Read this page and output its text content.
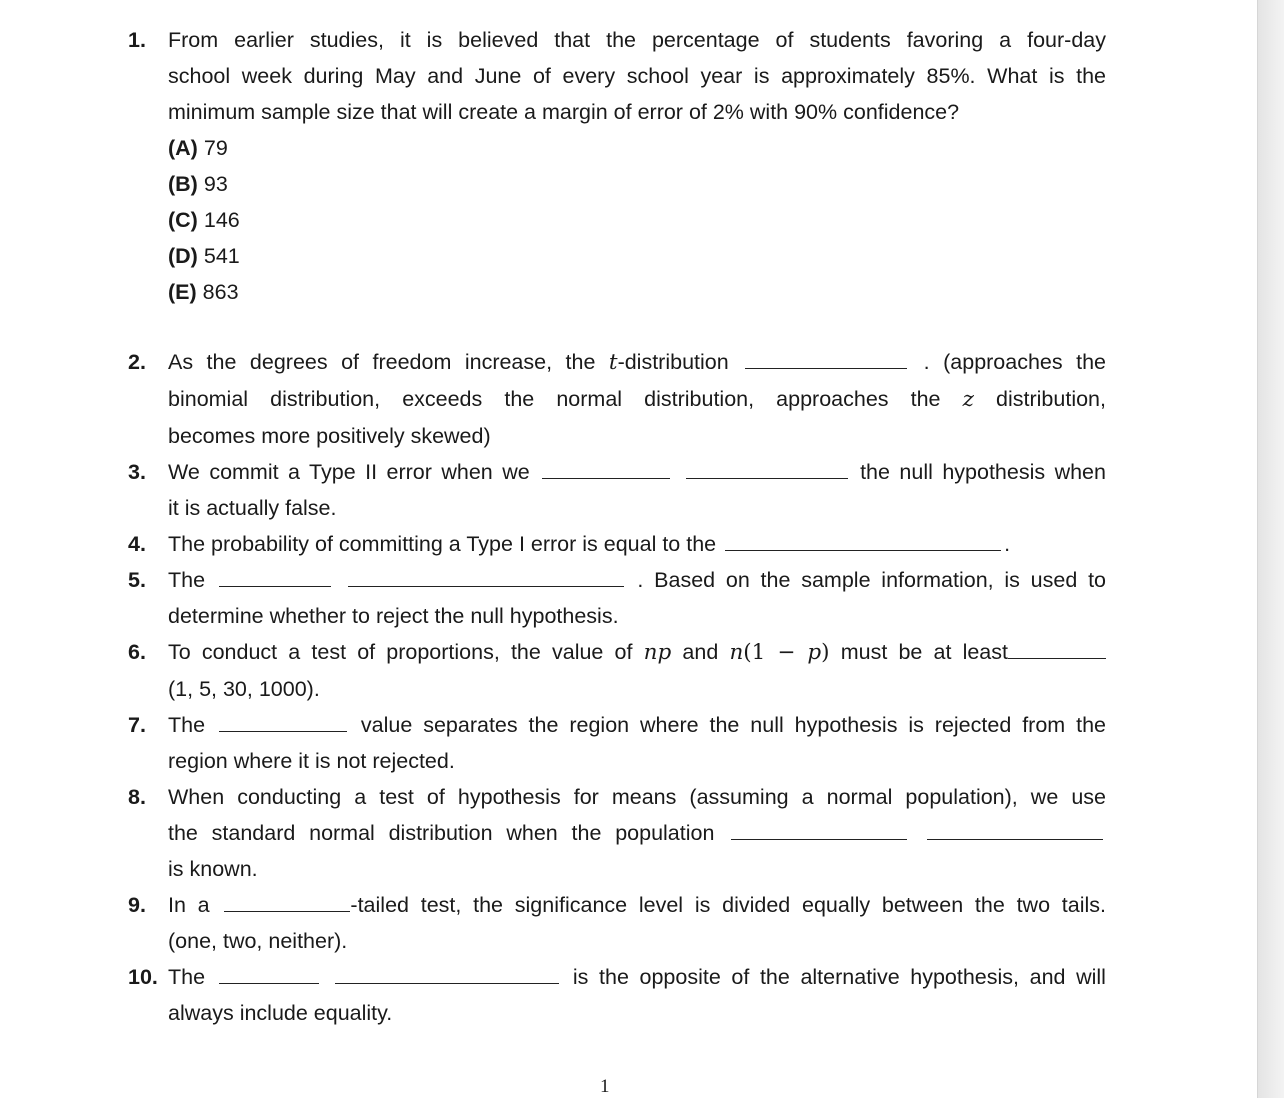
1. From earlier studies, it is believed that the percentage of students favoring a four-day
school week during May and June of every school year is approximately 85%. What is the
minimum sample size that will create a margin of error of 2% with 90% confidence?
(A) 79
(B) 93
(C) 146
(D) 541
(E) 863
2. As the degrees of freedom increase, the t-distribution	. (approaches the
binomial distribution, exceeds the normal distribution, approaches the z distribution,
becomes more positively skewed)
3. We commit a Type II error when we	the null hypothesis when
it is actually false.
4. The probability of committing a Type I error is equal to the	.
5. The	. Based on the sample information, is used to
determine whether to reject the null hypothesis.
6. To conduct a test of proportions, the value of np and n(1 − p) must be at least
(1, 5, 30, 1000).
7. The	value separates the region where the null hypothesis is rejected from the
region where it is not rejected.
8. When conducting a test of hypothesis for means (assuming a normal population), we use
the standard normal distribution when the population
is known.
9. In a	-tailed test, the significance level is divided equally between the two tails.
(one, two, neither).
10. The	is the opposite of the alternative hypothesis, and will
always include equality.
1
